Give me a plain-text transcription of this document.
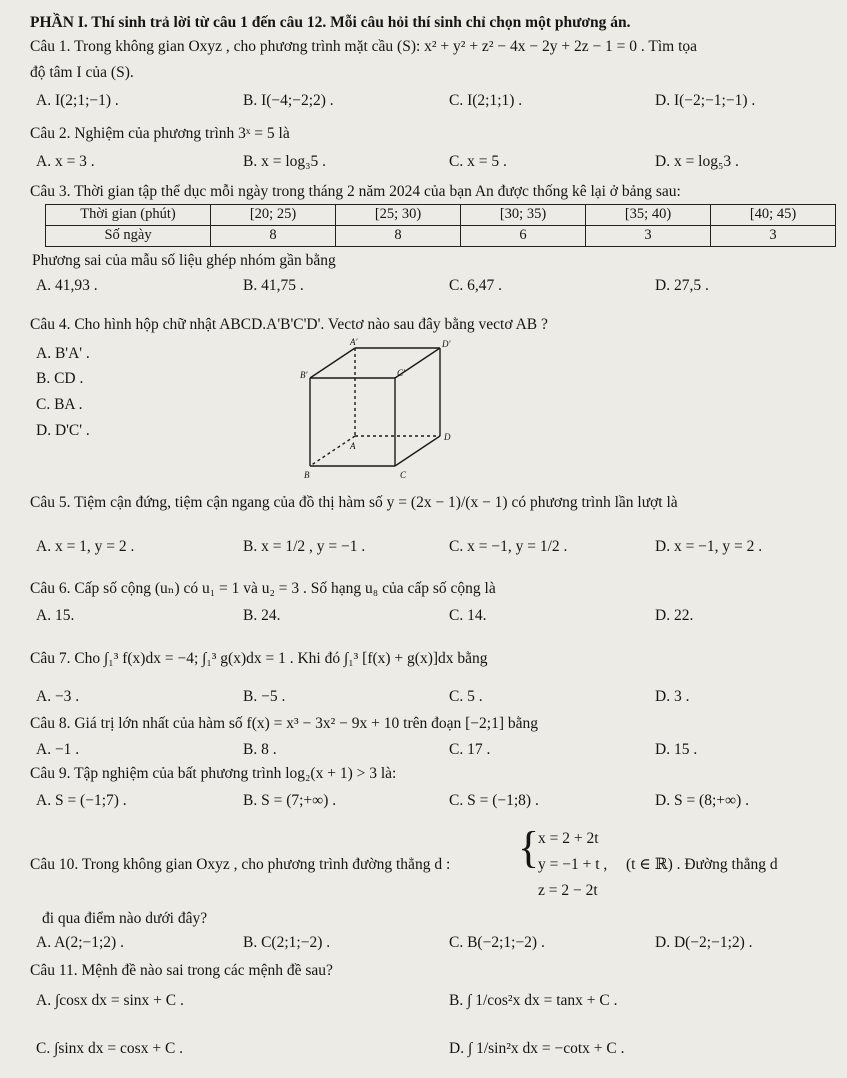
PHẦN I. Thí sinh trả lời từ câu 1 đến câu 12. Mỗi câu hỏi thí sinh chỉ chọn một phương án.
Câu 1. Trong không gian Oxyz , cho phương trình mặt cầu (S): x² + y² + z² − 4x − 2y + 2z − 1 = 0 . Tìm tọa
độ tâm I của (S).
A. I(2;1;−1) .	B. I(−4;−2;2) .	C. I(2;1;1) .	D. I(−2;−1;−1) .
Câu 2. Nghiệm của phương trình 3ˣ = 5 là
A. x = 3 .	B. x = log₃5 .	C. x = 5 .	D. x = log₅3 .
Câu 3. Thời gian tập thể dục mỗi ngày trong tháng 2 năm 2024 của bạn An được thống kê lại ở bảng sau:
Thời gian (phút)	[20; 25)	[25; 30)	[30; 35)	[35; 40)	[40; 45)
Số ngày	8	8	6	3	3
Phương sai của mẫu số liệu ghép nhóm gần bằng
A. 41,93 .	B. 41,75 .	C. 6,47 .	D. 27,5 .
Câu 4. Cho hình hộp chữ nhật ABCD.A'B'C'D'. Vectơ nào sau đây bằng vectơ AB ?
A. B'A' .
B. CD .
C. BA .
D. D'C' .
A'	D'
B'	C'
A
D
B	C
Câu 5. Tiệm cận đứng, tiệm cận ngang của đồ thị hàm số y = (2x − 1)/(x − 1) có phương trình lần lượt là
A. x = 1, y = 2 .	B. x = 1/2 , y = −1 .	C. x = −1, y = 1/2 .	D. x = −1, y = 2 .
Câu 6. Cấp số cộng (uₙ) có u₁ = 1 và u₂ = 3 . Số hạng u₈ của cấp số cộng là
A. 15.	B. 24.	C. 14.	D. 22.
Câu 7. Cho ∫₁³ f(x)dx = −4; ∫₁³ g(x)dx = 1 . Khi đó ∫₁³ [f(x) + g(x)]dx bằng
A. −3 .	B. −5 .	C. 5 .	D. 3 .
Câu 8. Giá trị lớn nhất của hàm số f(x) = x³ − 3x² − 9x + 10 trên đoạn [−2;1] bằng
A. −1 .	B. 8 .	C. 17 .	D. 15 .
Câu 9. Tập nghiệm của bất phương trình log₂(x + 1) > 3 là:
A. S = (−1;7) .	B. S = (7;+∞) .	C. S = (−1;8) .	D. S = (8;+∞) .
Câu 10. Trong không gian Oxyz , cho phương trình đường thẳng d : {
x = 2 + 2t
y = −1 + t ,
z = 2 − 2t
(t ∈ ℝ) . Đường thẳng d
đi qua điểm nào dưới đây?
A. A(2;−1;2) .	B. C(2;1;−2) .	C. B(−2;1;−2) .	D. D(−2;−1;2) .
Câu 11. Mệnh đề nào sai trong các mệnh đề sau?
A. ∫cosx dx = sinx + C .	B. ∫ 1/cos²x dx = tanx + C .
C. ∫sinx dx = cosx + C .	D. ∫ 1/sin²x dx = −cotx + C .
